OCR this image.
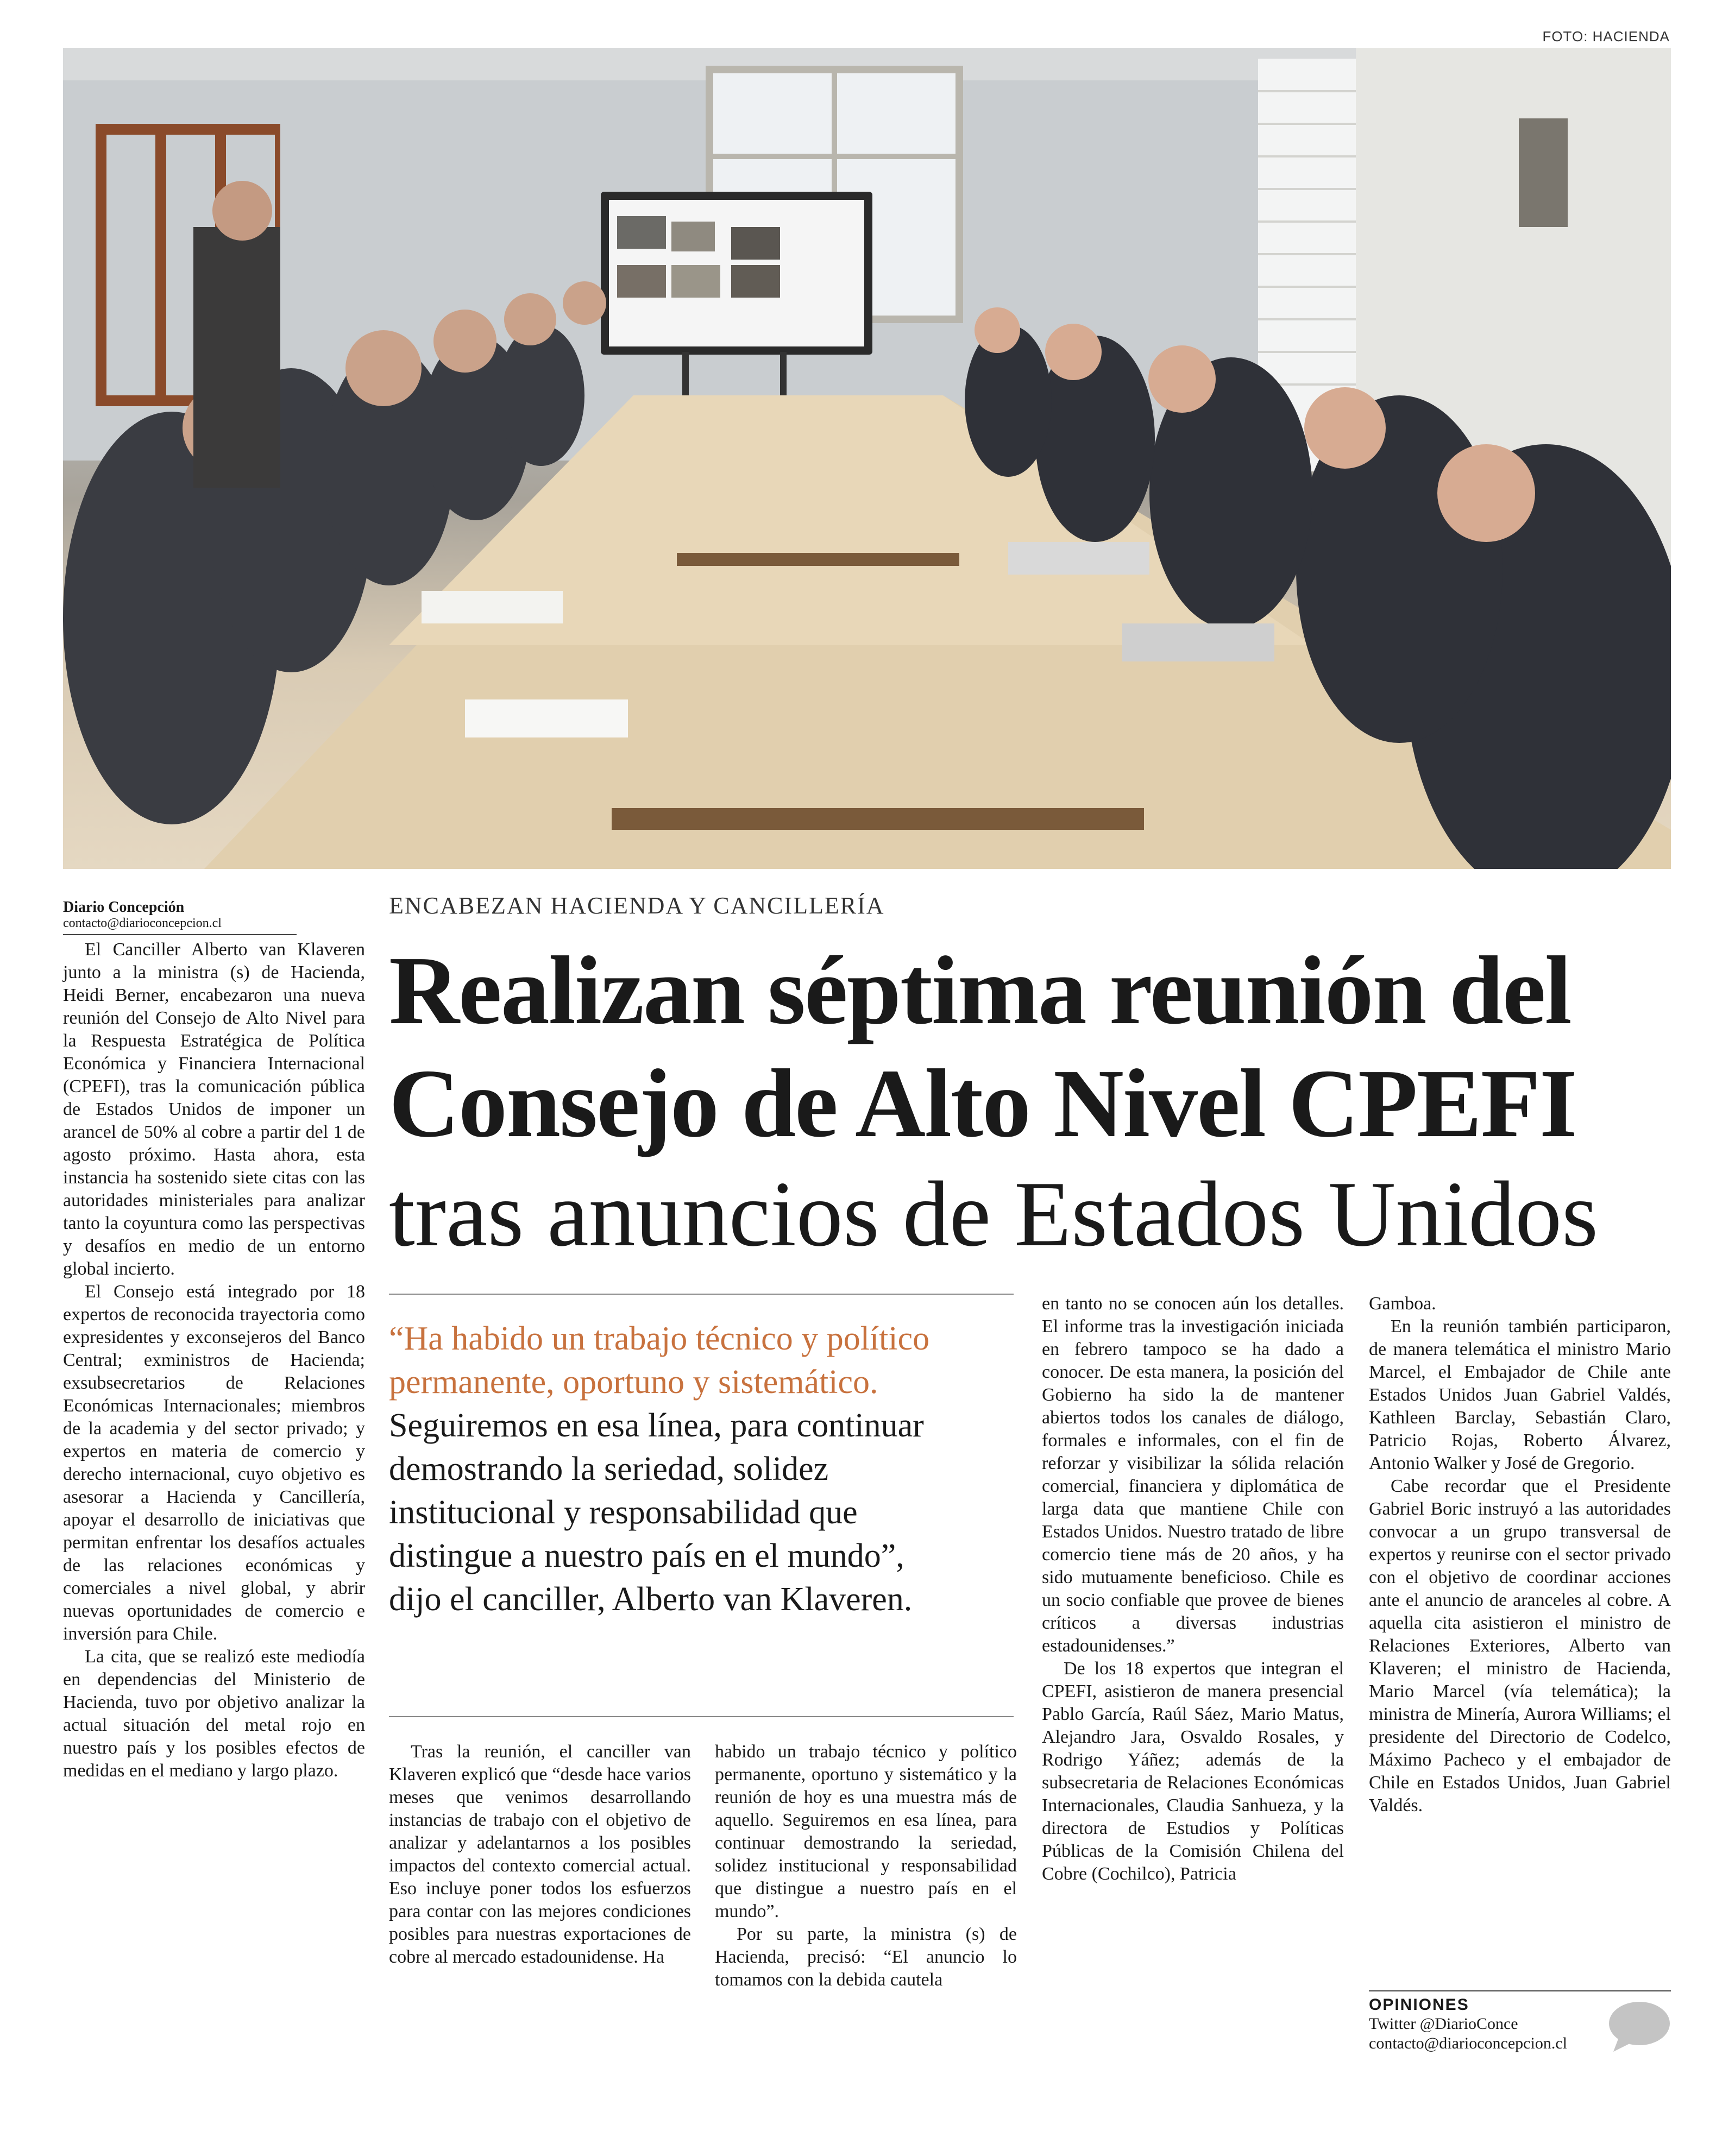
FOTO: HACIENDA
Diario Concepción
contacto@diarioconcepcion.cl
ENCABEZAN HACIENDA Y CANCILLERÍA
Realizan séptima reunión del
Consejo de Alto Nivel CPEFI
tras anuncios de Estados Unidos

El Canciller Alberto van Klaveren junto a la ministra (s) de Hacienda, Heidi Berner, encabezaron una nueva reunión del Consejo de Alto Nivel para la Respuesta Estratégica de Política Económica y Financiera Internacional (CPEFI), tras la comunicación pública de Estados Unidos de imponer un arancel de 50% al cobre a partir del 1 de agosto próximo. Hasta ahora, esta instancia ha sostenido siete citas con las autoridades ministeriales para analizar tanto la coyuntura como las perspectivas y desafíos en medio de un entorno global incierto.

El Consejo está integrado por 18 expertos de reconocida trayectoria como expresidentes y exconsejeros del Banco Central; exministros de Hacienda; exsubsecretarios de Relaciones Económicas Internacionales; miembros de la academia y del sector privado; y expertos en materia de comercio y derecho internacional, cuyo objetivo es asesorar a Hacienda y Cancillería, apoyar el desarrollo de iniciativas que permitan enfrentar los desafíos actuales de las relaciones económicas y comerciales a nivel global, y abrir nuevas oportunidades de comercio e inversión para Chile.

La cita, que se realizó este mediodía en dependencias del Ministerio de Hacienda, tuvo por objetivo analizar la actual situación del metal rojo en nuestro país y los posibles efectos de medidas en el mediano y largo plazo.

“Ha habido un trabajo técnico y político permanente, oportuno y sistemático. Seguiremos en esa línea, para continuar demostrando la seriedad, solidez institucional y responsabilidad que distingue a nuestro país en el mundo”, dijo el canciller, Alberto van Klaveren.

Tras la reunión, el canciller van Klaveren explicó que “desde hace varios meses que venimos desarrollando instancias de trabajo con el objetivo de analizar y adelantarnos a los posibles impactos del contexto comercial actual. Eso incluye poner todos los esfuerzos para contar con las mejores condiciones posibles para nuestras exportaciones de cobre al mercado estadounidense. Ha

habido un trabajo técnico y político permanente, oportuno y sistemático y la reunión de hoy es una muestra más de aquello. Seguiremos en esa línea, para continuar demostrando la seriedad, solidez institucional y responsabilidad que distingue a nuestro país en el mundo”.

Por su parte, la ministra (s) de Hacienda, precisó: “El anuncio lo tomamos con la debida cautela

en tanto no se conocen aún los detalles. El informe tras la investigación iniciada en febrero tampoco se ha dado a conocer. De esta manera, la posición del Gobierno ha sido la de mantener abiertos todos los canales de diálogo, formales e informales, con el fin de reforzar y visibilizar la sólida relación comercial, financiera y diplomática de larga data que mantiene Chile con Estados Unidos. Nuestro tratado de libre comercio tiene más de 20 años, y ha sido mutuamente beneficioso. Chile es un socio confiable que provee de bienes críticos a diversas industrias estadounidenses.”

De los 18 expertos que integran el CPEFI, asistieron de manera presencial Pablo García, Raúl Sáez, Mario Matus, Alejandro Jara, Osvaldo Rosales, y Rodrigo Yáñez; además de la subsecretaria de Relaciones Económicas Internacionales, Claudia Sanhueza, y la directora de Estudios y Políticas Públicas de la Comisión Chilena del Cobre (Cochilco), Patricia

Gamboa.

En la reunión también participaron, de manera telemática el ministro Mario Marcel, el Embajador de Chile ante Estados Unidos Juan Gabriel Valdés, Kathleen Barclay, Sebastián Claro, Patricio Rojas, Roberto Álvarez, Antonio Walker y José de Gregorio.

Cabe recordar que el Presidente Gabriel Boric instruyó a las autoridades convocar a un grupo transversal de expertos y reunirse con el sector privado con el objetivo de coordinar acciones ante el anuncio de aranceles al cobre. A aquella cita asistieron el ministro de Relaciones Exteriores, Alberto van Klaveren; el ministro de Hacienda, Mario Marcel (vía telemática); la ministra de Minería, Aurora Williams; el presidente del Directorio de Codelco, Máximo Pacheco y el embajador de Chile en Estados Unidos, Juan Gabriel Valdés.

OPINIONES
Twitter @DiarioConce
contacto@diarioconcepcion.cl
